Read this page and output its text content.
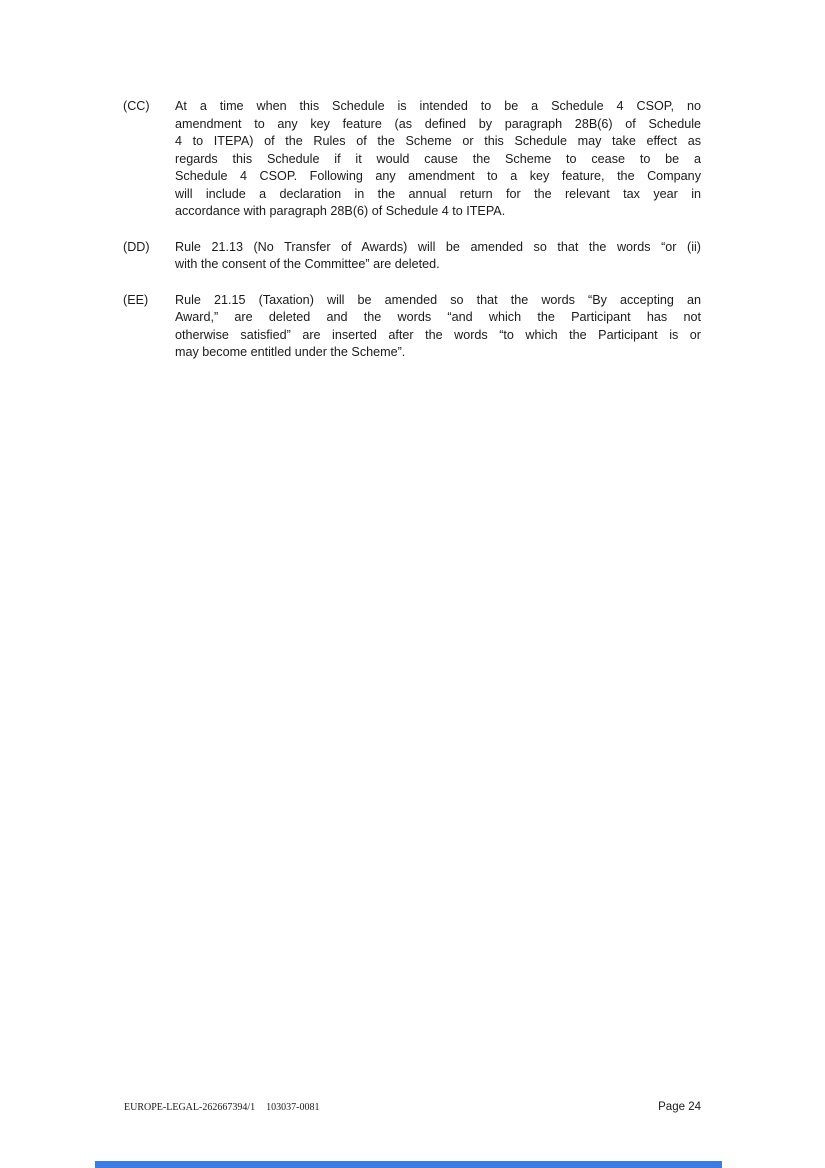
(CC)	At a time when this Schedule is intended to be a Schedule 4 CSOP, no
amendment to any key feature (as defined by paragraph 28B(6) of Schedule
4 to ITEPA) of the Rules of the Scheme or this Schedule may take effect as
regards this Schedule if it would cause the Scheme to cease to be a
Schedule 4 CSOP. Following any amendment to a key feature, the Company
will include a declaration in the annual return for the relevant tax year in
accordance with paragraph 28B(6) of Schedule 4 to ITEPA.
(DD)	Rule 21.13 (No Transfer of Awards) will be amended so that the words “or (ii)
with the consent of the Committee” are deleted.
(EE)	Rule 21.15 (Taxation) will be amended so that the words “By accepting an
Award,” are deleted and the words “and which the Participant has not
otherwise satisfied” are inserted after the words “to which the Participant is or
may become entitled under the Scheme”.
EUROPE-LEGAL-262667394/1 103037-0081	Page 24
